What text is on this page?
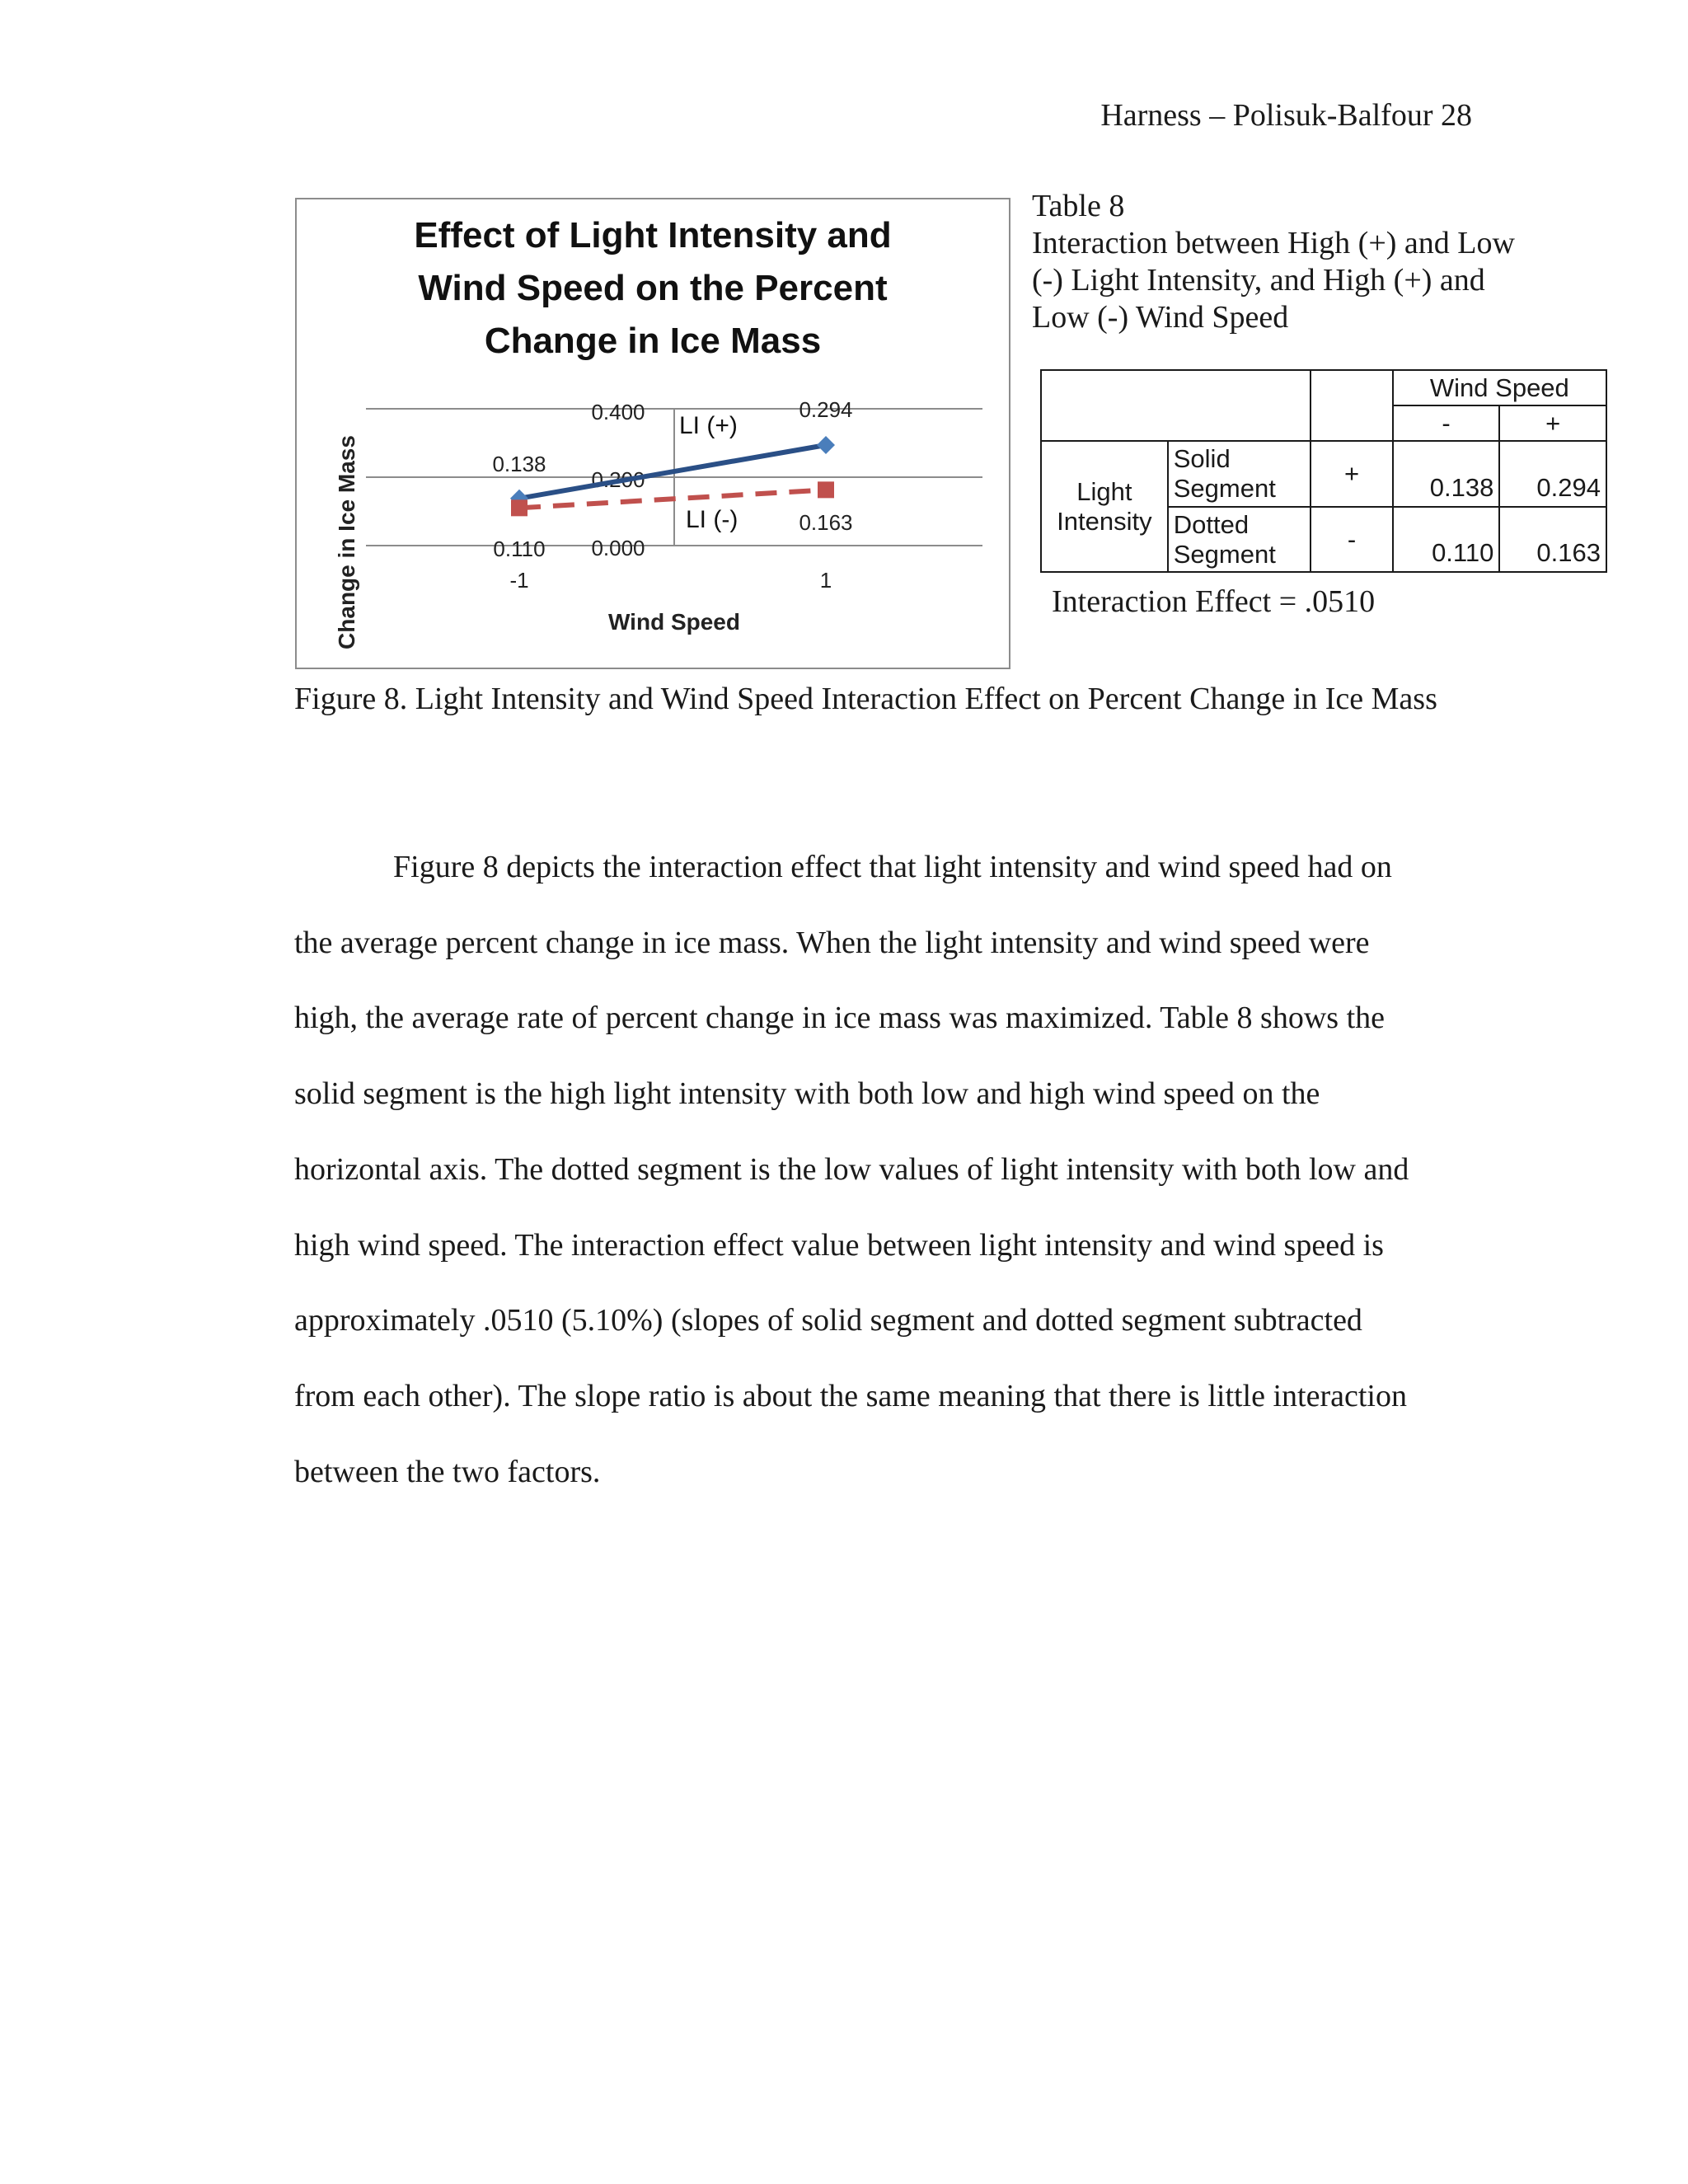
Harness – Polisuk-Balfour 28
Effect of Light Intensity and
Wind Speed on the Percent
Change in Ice Mass
0.400
0.200
0.000
0.138
0.294
0.110
0.163
LI (+)
LI (-)
-1	1
Wind Speed
Change in Ice Mass
Table 8
Interaction between High (+) and Low
(-) Light Intensity, and High (+) and
Low (-) Wind Speed
			Wind Speed	
			-	+
Light
Intensity	Solid
Segment	+	0.138	0.294
	Dotted
Segment	-	0.110	0.163
Interaction Effect = .0510
Figure 8. Light Intensity and Wind Speed Interaction Effect on Percent Change in Ice Mass
Figure 8 depicts the interaction effect that light intensity and wind speed had on
the average percent change in ice mass. When the light intensity and wind speed were
high, the average rate of percent change in ice mass was maximized. Table 8 shows the
solid segment is the high light intensity with both low and high wind speed on the
horizontal axis. The dotted segment is the low values of light intensity with both low and
high wind speed. The interaction effect value between light intensity and wind speed is
approximately .0510 (5.10%) (slopes of solid segment and dotted segment subtracted
from each other). The slope ratio is about the same meaning that there is little interaction
between the two factors.
